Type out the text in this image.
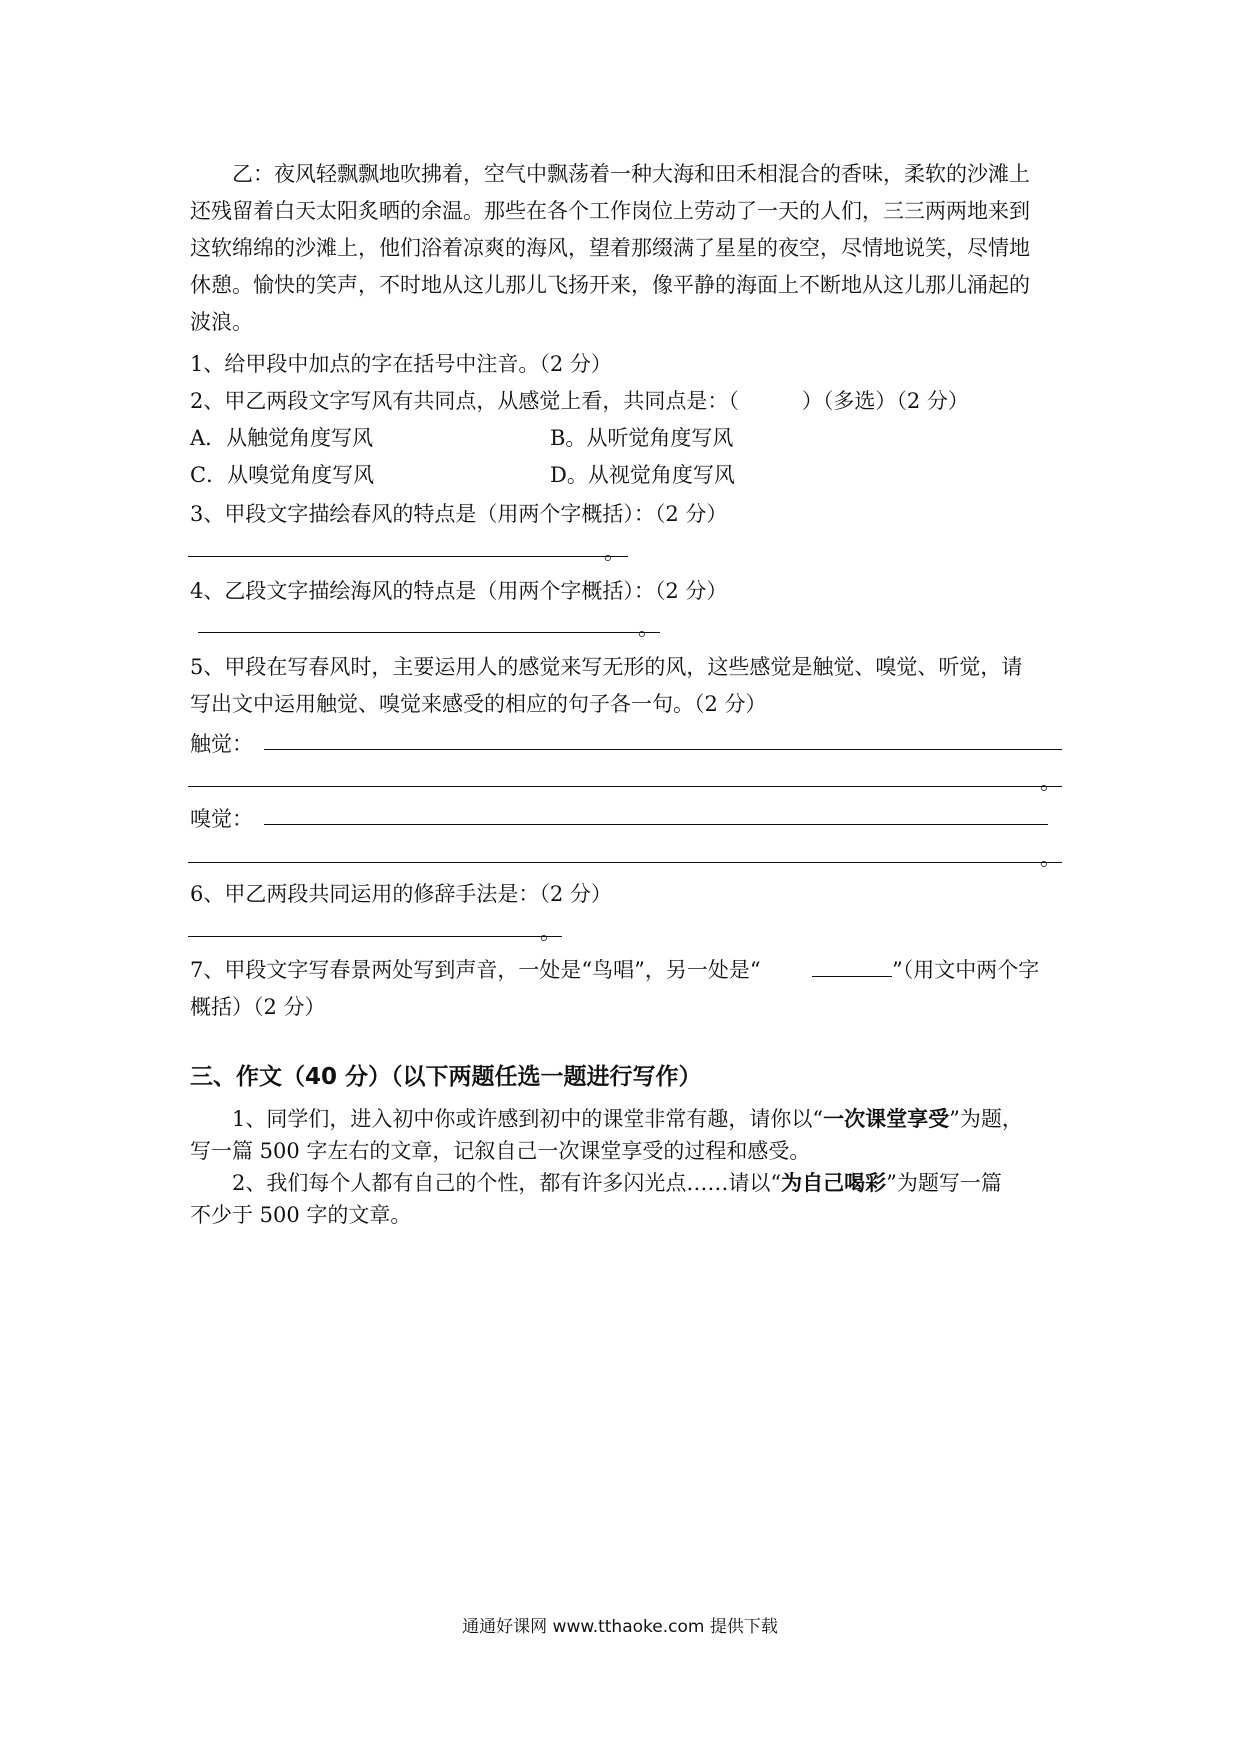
　　乙：夜风轻飘飘地吹拂着，空气中飘荡着一种大海和田禾相混合的香味，柔软的沙滩上
还残留着白天太阳炙晒的余温。那些在各个工作岗位上劳动了一天的人们，三三两两地来到
这软绵绵的沙滩上，他们浴着凉爽的海风，望着那缀满了星星的夜空，尽情地说笑，尽情地
休憩。愉快的笑声，不时地从这儿那儿飞扬开来，像平静的海面上不断地从这儿那儿涌起的
波浪。
1、给甲段中加点的字在括号中注音。（2 分）
2、甲乙两段文字写风有共同点，从感觉上看，共同点是：（　　　）（多选）（2 分）
A．从触觉角度写风	B。从听觉角度写风
C．从嗅觉角度写风	D。从视觉角度写风
3、甲段文字描绘春风的特点是（用两个字概括）：（2 分）
。
4、乙段文字描绘海风的特点是（用两个字概括）：（2 分）
。
5、甲段在写春风时，主要运用人的感觉来写无形的风，这些感觉是触觉、嗅觉、听觉，请
写出文中运用触觉、嗅觉来感受的相应的句子各一句。（2 分）
触觉：
。
嗅觉：
。
6、甲乙两段共同运用的修辞手法是：（2 分）
。
7、甲段文字写春景两处写到声音，一处是“鸟唱”，另一处是“	”（用文中两个字
概括）（2 分）
三、作文（40 分）（以下两题任选一题进行写作）
　　1、同学们，进入初中你或许感到初中的课堂非常有趣，请你以“一次课堂享受”为题，
写一篇 500 字左右的文章，记叙自己一次课堂享受的过程和感受。
　　2、我们每个人都有自己的个性，都有许多闪光点……请以“为自己喝彩”为题写一篇
不少于 500 字的文章。
通通好课网 www.tthaoke.com 提供下载
